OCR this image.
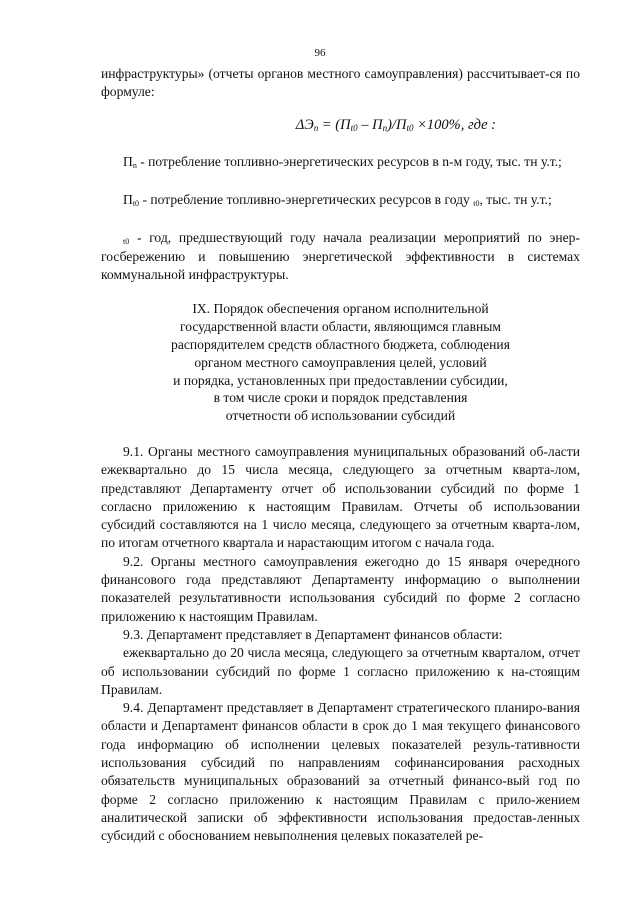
96

инфраструктуры» (отчеты органов местного самоуправления) рассчитывает-ся по формуле:

$\Delta Э_n = (П_{t0} - П_n)/П_{t0} \times 100\%$, где :

$П_n$ - потребление топливно-энергетических ресурсов в n-м году, тыс. тн у.т.;

$П_{t0}$ - потребление топливно-энергетических ресурсов в году $_{t0}$, тыс. тн у.т.;

$_{t0}$ - год, предшествующий году начала реализации мероприятий по энер-госбережению и повышению энергетической эффективности в системах коммунальной инфраструктуры.

IX. Порядок обеспечения органом исполнительной
государственной власти области, являющимся главным
распорядителем средств областного бюджета, соблюдения
органом местного самоуправления целей, условий
и порядка, установленных при предоставлении субсидии,
в том числе сроки и порядок представления
отчетности об использовании субсидий

9.1. Органы местного самоуправления муниципальных образований об-ласти ежеквартально до 15 числа месяца, следующего за отчетным кварта-лом, представляют Департаменту отчет об использовании субсидий по форме 1 согласно приложению к настоящим Правилам. Отчеты об использовании субсидий составляются на 1 число месяца, следующего за отчетным кварта-лом, по итогам отчетного квартала и нарастающим итогом с начала года.

9.2. Органы местного самоуправления ежегодно до 15 января очередного финансового года представляют Департаменту информацию о выполнении показателей результативности использования субсидий по форме 2 согласно приложению к настоящим Правилам.

9.3. Департамент представляет в Департамент финансов области:

ежеквартально до 20 числа месяца, следующего за отчетным кварталом, отчет об использовании субсидий по форме 1 согласно приложению к на-стоящим Правилам.

9.4. Департамент представляет в Департамент стратегического планиро-вания области и Департамент финансов области в срок до 1 мая текущего финансового года информацию об исполнении целевых показателей резуль-тативности использования субсидий по направлениям софинансирования расходных обязательств муниципальных образований за отчетный финансо-вый год по форме 2 согласно приложению к настоящим Правилам с прило-жением аналитической записки об эффективности использования предостав-ленных субсидий с обоснованием невыполнения целевых показателей ре-
